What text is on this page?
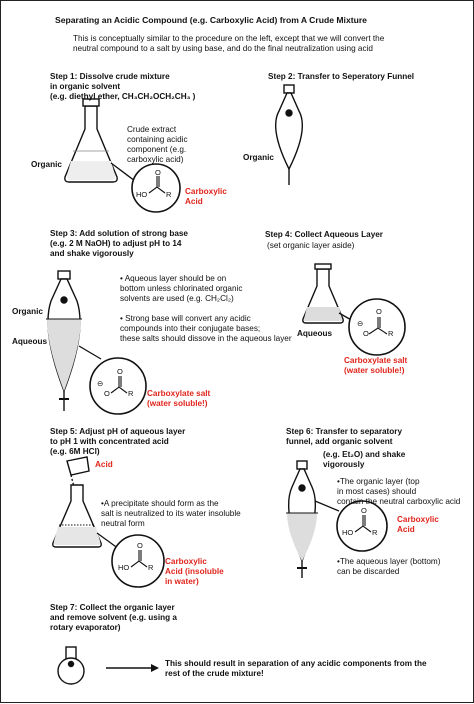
Separating an Acidic Compound (e.g. Carboxylic Acid) from A Crude Mixture

This is conceptually similar to the procedure on the left, except that we will convert the

neutral compound to a salt by using base, and do the final neutralization using acid

Step 1: Dissolve crude mixture

in organic solvent

(e.g. diethyl ether, CH₃CH₂OCH₂CH₃ )

Crude extract

containing acidic

component (e.g.

carboxylic acid)

Organic

HO

O

R Carboxylic

Acid

Step 2: Transfer to Seperatory Funnel

Organic

Step 3: Add solution of strong base

(e.g. 2 M NaOH) to adjust pH to 14

and shake vigorously

• Aqueous layer should be on

bottom unless chlorinated organic

solvents are used (e.g. CH₂Cl₂)

• Strong base will convert any acidic

compounds into their conjugate bases;

these salts should dissove in the aqueous layer

Organic

Aqueous

⊖

O

O

R Carboxylate salt

(water soluble!)

Step 4: Collect Aqueous Layer

(set organic layer aside)

Aqueous

⊖

O

O

R

Carboxylate salt

(water soluble!)

Step 5: Adjust pH of aqueous layer

to pH 1 with concentrated acid

(e.g. 6M HCl)

Acid

•A precipitate should form as the

salt is neutralized to its water insoluble

neutral form

HO

O

R

Carboxylic

Acid (insoluble

in water)

Step 6: Transfer to separatory

funnel, add organic solvent

(e.g. Et₂O) and shake

vigorously

•The organic layer (top

in most cases) should

contain the neutral carboxylic acid

HO

O

R

Carboxylic

Acid

•The aqueous layer (bottom)

can be discarded

Step 7: Collect the organic layer

and remove solvent (e.g. using a

rotary evaporator)

This should result in separation of any acidic components from the

rest of the crude mixture!
